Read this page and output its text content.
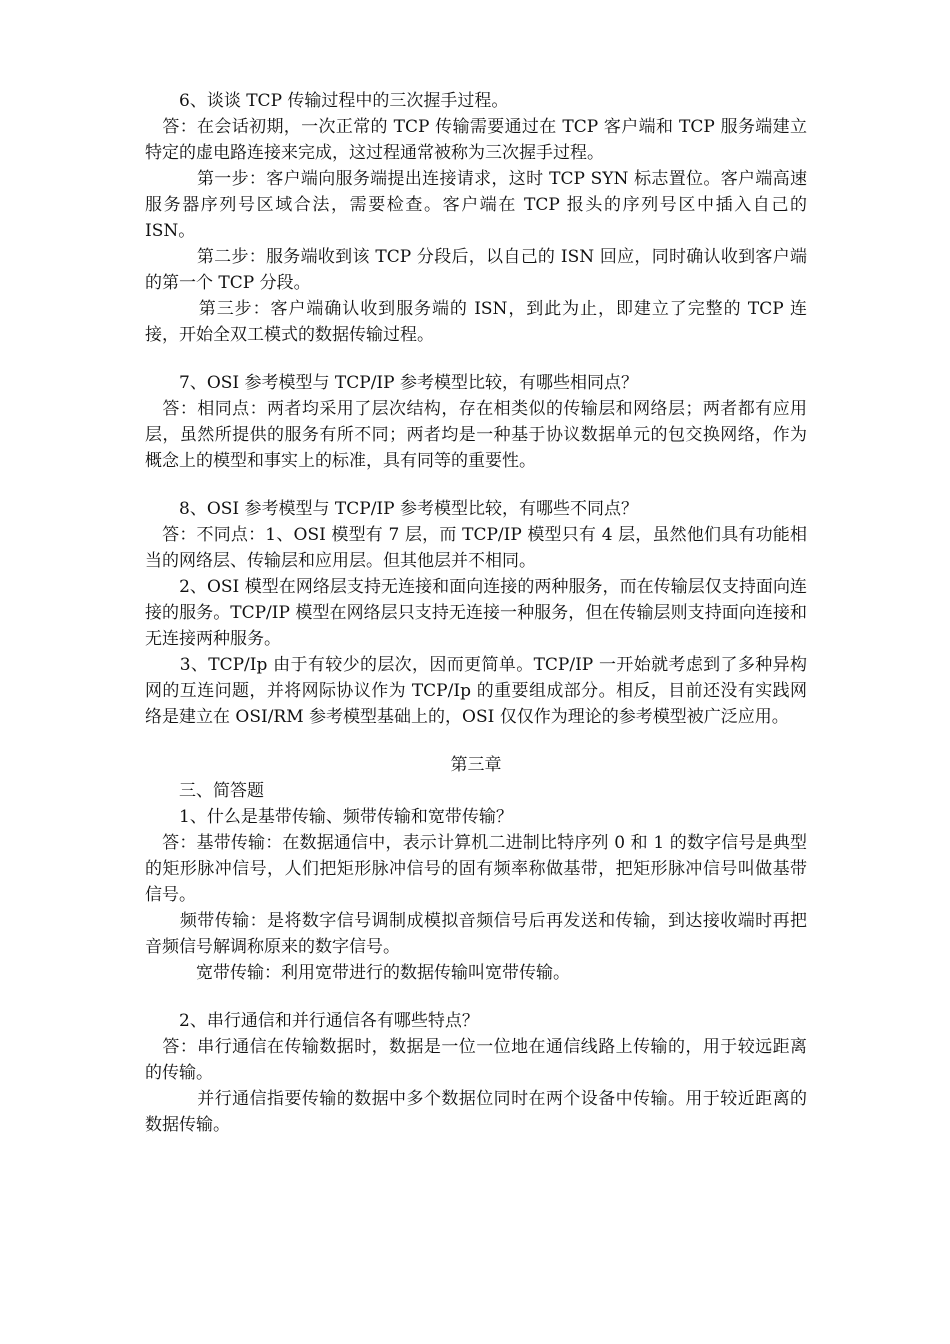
　　6、谈谈 TCP 传输过程中的三次握手过程。

　答：在会话初期，一次正常的 TCP 传输需要通过在 TCP 客户端和 TCP 服务端建立特定的虚电路连接来完成，这过程通常被称为三次握手过程。

　　　第一步：客户端向服务端提出连接请求，这时 TCP SYN 标志置位。客户端高速服务器序列号区域合法，需要检查。客户端在 TCP 报头的序列号区中插入自己的 ISN。

　　　第二步：服务端收到该 TCP 分段后，以自己的 ISN 回应，同时确认收到客户端的第一个 TCP 分段。

　　　第三步：客户端确认收到服务端的 ISN，到此为止，即建立了完整的 TCP 连接，开始全双工模式的数据传输过程。

　　7、OSI 参考模型与 TCP/IP 参考模型比较，有哪些相同点？

　答：相同点：两者均采用了层次结构，存在相类似的传输层和网络层；两者都有应用层，虽然所提供的服务有所不同；两者均是一种基于协议数据单元的包交换网络，作为概念上的模型和事实上的标准，具有同等的重要性。

　　8、OSI 参考模型与 TCP/IP 参考模型比较，有哪些不同点？

　答：不同点：1、OSI 模型有 7 层，而 TCP/IP 模型只有 4 层，虽然他们具有功能相当的网络层、传输层和应用层。但其他层并不相同。

　　2、OSI 模型在网络层支持无连接和面向连接的两种服务，而在传输层仅支持面向连接的服务。TCP/IP 模型在网络层只支持无连接一种服务，但在传输层则支持面向连接和无连接两种服务。

　　3、TCP/Ip 由于有较少的层次，因而更简单。TCP/IP 一开始就考虑到了多种异构网的互连问题，并将网际协议作为 TCP/Ip 的重要组成部分。相反，目前还没有实践网络是建立在 OSI/RM 参考模型基础上的，OSI 仅仅作为理论的参考模型被广泛应用。

第三章

　　三、简答题

　　1、什么是基带传输、频带传输和宽带传输？

　答：基带传输：在数据通信中，表示计算机二进制比特序列 0 和 1 的数字信号是典型的矩形脉冲信号，人们把矩形脉冲信号的固有频率称做基带，把矩形脉冲信号叫做基带信号。

　　频带传输：是将数字信号调制成模拟音频信号后再发送和传输，到达接收端时再把音频信号解调称原来的数字信号。

　　　宽带传输：利用宽带进行的数据传输叫宽带传输。

　　2、串行通信和并行通信各有哪些特点？

　答：串行通信在传输数据时，数据是一位一位地在通信线路上传输的，用于较远距离的传输。

　　　并行通信指要传输的数据中多个数据位同时在两个设备中传输。用于较近距离的数据传输。
